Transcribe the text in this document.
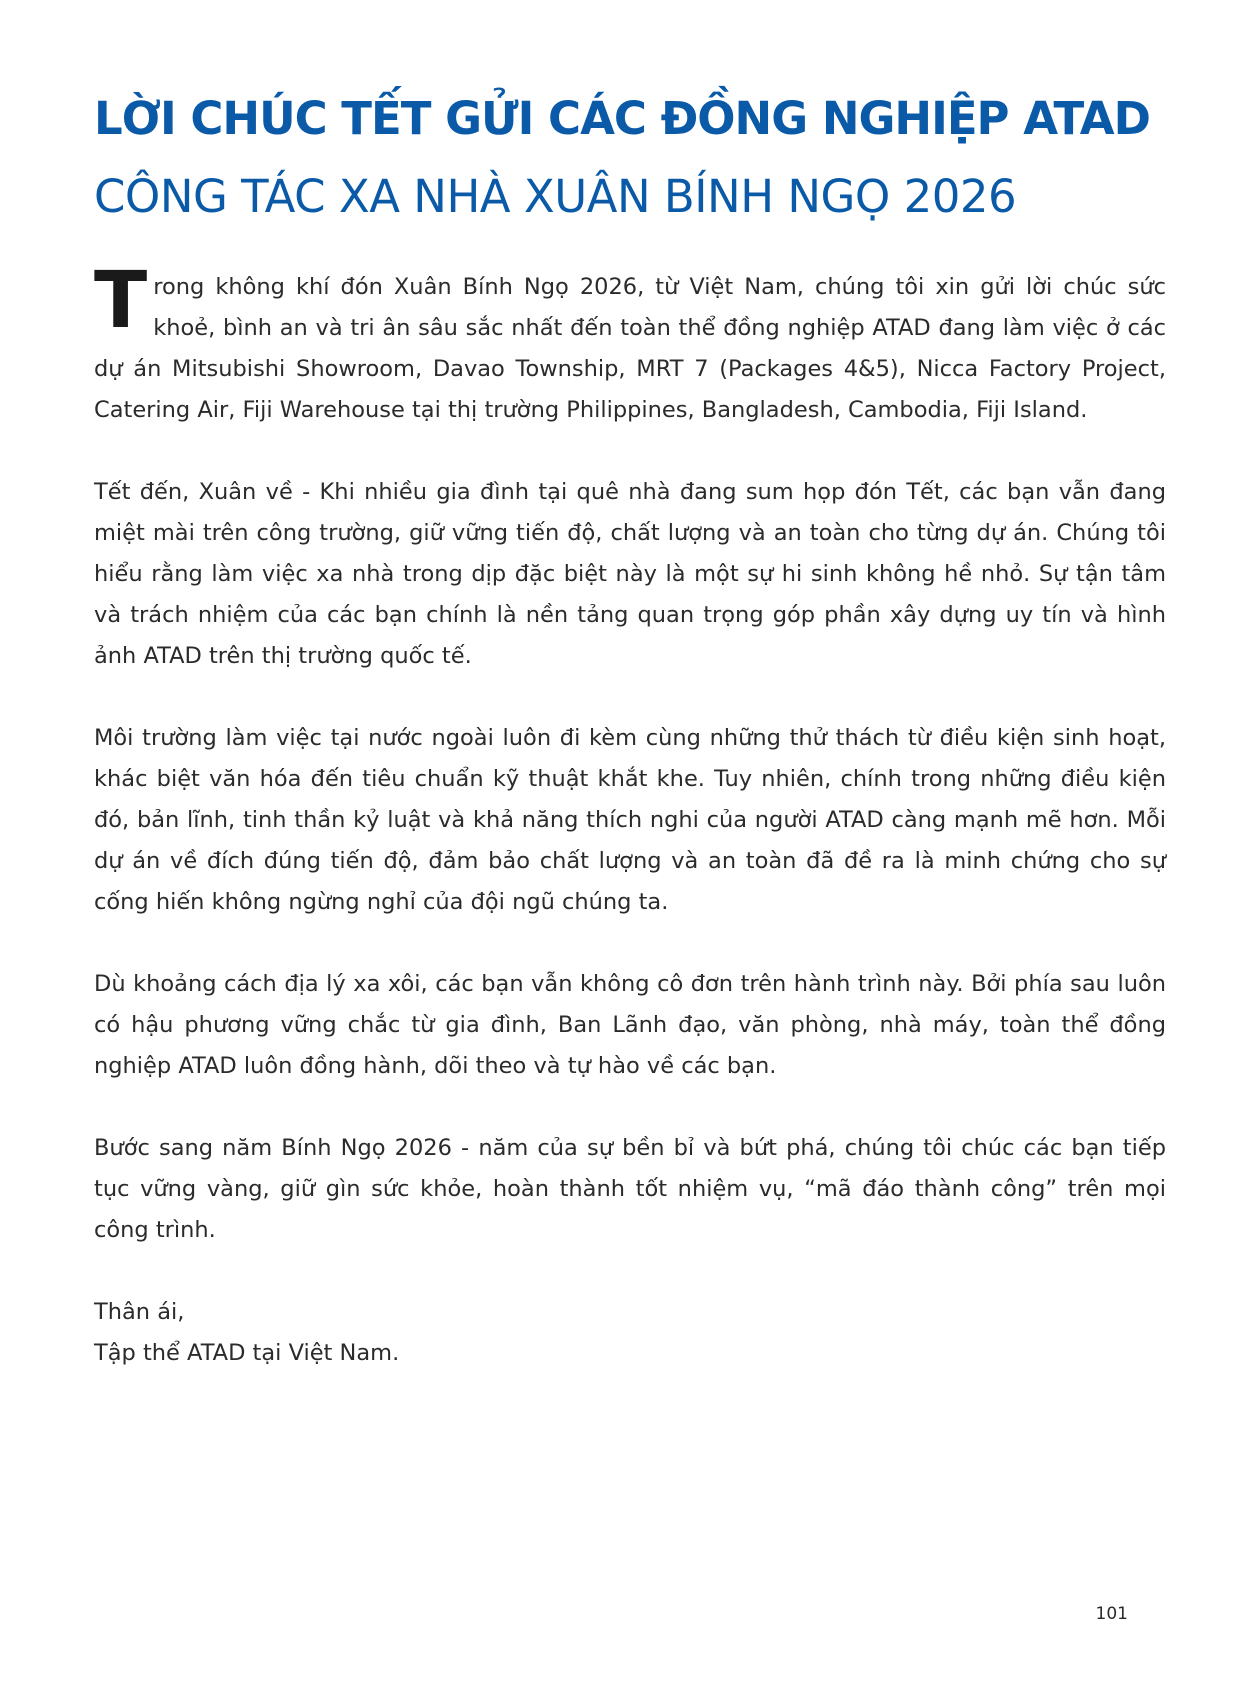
LỜI CHÚC TẾT GỬI CÁC ĐỒNG NGHIỆP ATAD
CÔNG TÁC XA NHÀ XUÂN BÍNH NGỌ 2026

Trong không khí đón Xuân Bính Ngọ 2026, từ Việt Nam, chúng tôi xin gửi lời chúc sức khoẻ, bình an và tri ân sâu sắc nhất đến toàn thể đồng nghiệp ATAD đang làm việc ở các dự án Mitsubishi Showroom, Davao Township, MRT 7 (Packages 4&5), Nicca Factory Project, Catering Air, Fiji Warehouse tại thị trường Philippines, Bangladesh, Cambodia, Fiji Island.

Tết đến, Xuân về - Khi nhiều gia đình tại quê nhà đang sum họp đón Tết, các bạn vẫn đang miệt mài trên công trường, giữ vững tiến độ, chất lượng và an toàn cho từng dự án. Chúng tôi hiểu rằng làm việc xa nhà trong dịp đặc biệt này là một sự hi sinh không hề nhỏ. Sự tận tâm và trách nhiệm của các bạn chính là nền tảng quan trọng góp phần xây dựng uy tín và hình ảnh ATAD trên thị trường quốc tế.

Môi trường làm việc tại nước ngoài luôn đi kèm cùng những thử thách từ điều kiện sinh hoạt, khác biệt văn hóa đến tiêu chuẩn kỹ thuật khắt khe. Tuy nhiên, chính trong những điều kiện đó, bản lĩnh, tinh thần kỷ luật và khả năng thích nghi của người ATAD càng mạnh mẽ hơn. Mỗi dự án về đích đúng tiến độ, đảm bảo chất lượng và an toàn đã đề ra là minh chứng cho sự cống hiến không ngừng nghỉ của đội ngũ chúng ta.

Dù khoảng cách địa lý xa xôi, các bạn vẫn không cô đơn trên hành trình này. Bởi phía sau luôn có hậu phương vững chắc từ gia đình, Ban Lãnh đạo, văn phòng, nhà máy, toàn thể đồng nghiệp ATAD luôn đồng hành, dõi theo và tự hào về các bạn.

Bước sang năm Bính Ngọ 2026 - năm của sự bền bỉ và bứt phá, chúng tôi chúc các bạn tiếp tục vững vàng, giữ gìn sức khỏe, hoàn thành tốt nhiệm vụ, “mã đáo thành công” trên mọi công trình.

Thân ái,
Tập thể ATAD tại Việt Nam.

101
